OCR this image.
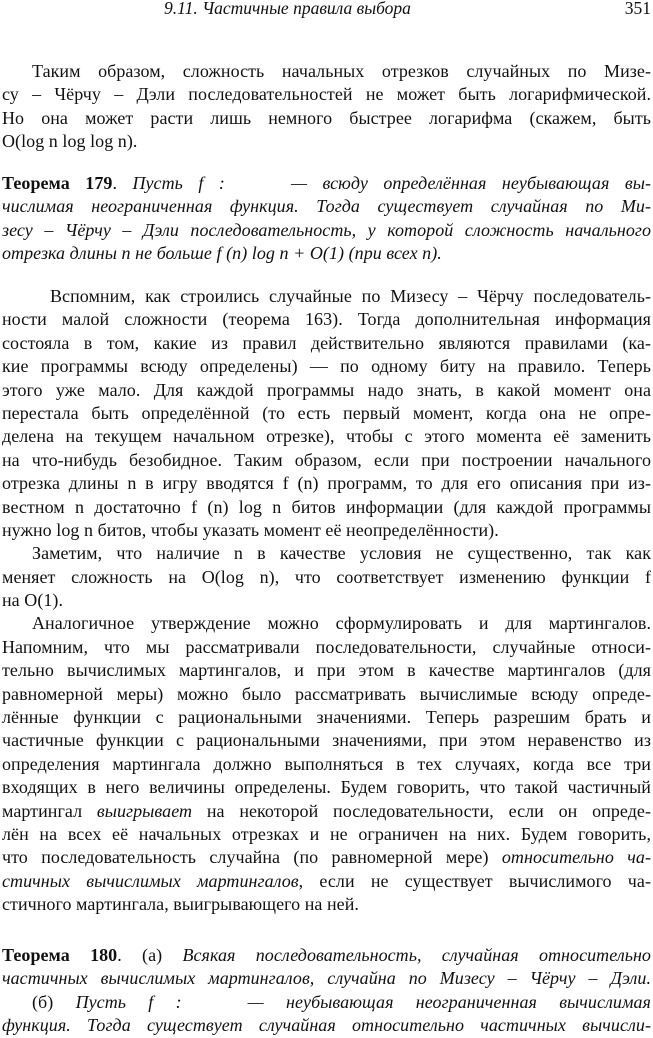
9.11. Частичные правила выбора	351
Таким образом, сложность начальных отрезков случайных по Мизе-
су – Чёрчу – Дэли последовательностей не может быть логарифмической.
Но она может расти лишь немного быстрее логарифма (скажем, быть
O(log n log log n).
Теорема 179. Пусть f :	— всюду определённая неубывающая вы-
числимая неограниченная функция. Тогда существует случайная по Ми-
зесу – Чёрчу – Дэли последовательность, у которой сложность начального
отрезка длины n не больше f (n) log n + O(1) (при всех n).
Вспомним, как строились случайные по Мизесу – Чёрчу последователь-
ности малой сложности (теорема 163). Тогда дополнительная информация
состояла в том, какие из правил действительно являются правилами (ка-
кие программы всюду определены) — по одному биту на правило. Теперь
этого уже мало. Для каждой программы надо знать, в какой момент она
перестала быть определённой (то есть первый момент, когда она не опре-
делена на текущем начальном отрезке), чтобы с этого момента её заменить
на что-нибудь безобидное. Таким образом, если при построении начального
отрезка длины n в игру вводятся f (n) программ, то для его описания при из-
вестном n достаточно f (n) log n битов информации (для каждой программы
нужно log n битов, чтобы указать момент её неопределённости).
Заметим, что наличие n в качестве условия не существенно, так как
меняет сложность на O(log n), что соответствует изменению функции f
на O(1).
Аналогичное утверждение можно сформулировать и для мартингалов.
Напомним, что мы рассматривали последовательности, случайные относи-
тельно вычислимых мартингалов, и при этом в качестве мартингалов (для
равномерной меры) можно было рассматривать вычислимые всюду опреде-
лённые функции с рациональными значениями. Теперь разрешим брать и
частичные функции с рациональными значениями, при этом неравенство из
определения мартингала должно выполняться в тех случаях, когда все три
входящих в него величины определены. Будем говорить, что такой частичный
мартингал выигрывает на некоторой последовательности, если он опреде-
лён на всех её начальных отрезках и не ограничен на них. Будем говорить,
что последовательность случайна (по равномерной мере) относительно ча-
стичных вычислимых мартингалов, если не существует вычислимого ча-
стичного мартингала, выигрывающего на ней.
Теорема 180. (а) Всякая последовательность, случайная относительно
частичных вычислимых мартингалов, случайна по Мизесу – Чёрчу – Дэли.
(б) Пусть f :	— неубывающая неограниченная вычислимая
функция. Тогда существует случайная относительно частичных вычисли-
